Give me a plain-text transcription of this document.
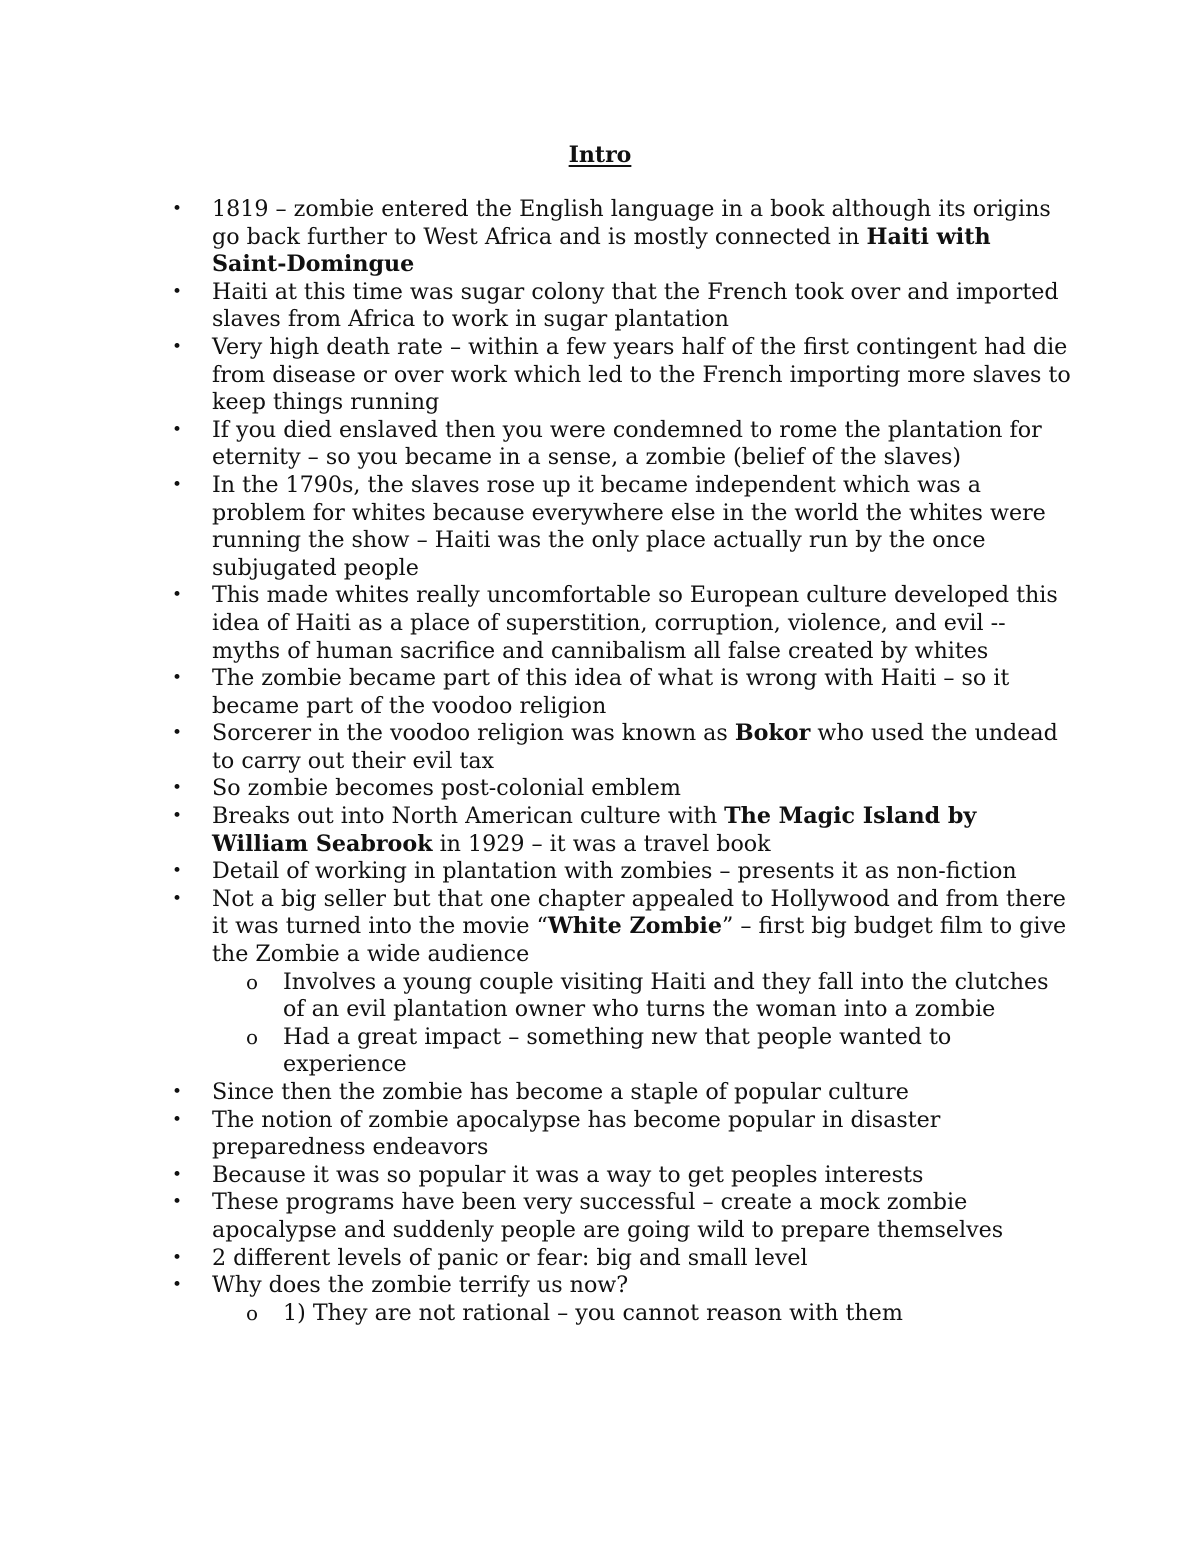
Intro
• 1819 – zombie entered the English language in a book although its origins go back further to West Africa and is mostly connected in Haiti with Saint-Domingue
• Haiti at this time was sugar colony that the French took over and imported slaves from Africa to work in sugar plantation
• Very high death rate – within a few years half of the first contingent had die from disease or over work which led to the French importing more slaves to keep things running
• If you died enslaved then you were condemned to rome the plantation for eternity – so you became in a sense, a zombie (belief of the slaves)
• In the 1790s, the slaves rose up it became independent which was a problem for whites because everywhere else in the world the whites were running the show – Haiti was the only place actually run by the once subjugated people
• This made whites really uncomfortable so European culture developed this idea of Haiti as a place of superstition, corruption, violence, and evil -- myths of human sacrifice and cannibalism all false created by whites
• The zombie became part of this idea of what is wrong with Haiti – so it became part of the voodoo religion
• Sorcerer in the voodoo religion was known as Bokor who used the undead to carry out their evil tax
• So zombie becomes post-colonial emblem
• Breaks out into North American culture with The Magic Island by William Seabrook in 1929 – it was a travel book
• Detail of working in plantation with zombies – presents it as non-fiction
• Not a big seller but that one chapter appealed to Hollywood and from there it was turned into the movie “White Zombie” – first big budget film to give the Zombie a wide audience
o Involves a young couple visiting Haiti and they fall into the clutches of an evil plantation owner who turns the woman into a zombie
o Had a great impact – something new that people wanted to experience
• Since then the zombie has become a staple of popular culture
• The notion of zombie apocalypse has become popular in disaster preparedness endeavors
• Because it was so popular it was a way to get peoples interests
• These programs have been very successful – create a mock zombie apocalypse and suddenly people are going wild to prepare themselves
• 2 different levels of panic or fear: big and small level
• Why does the zombie terrify us now?
o 1) They are not rational – you cannot reason with them
